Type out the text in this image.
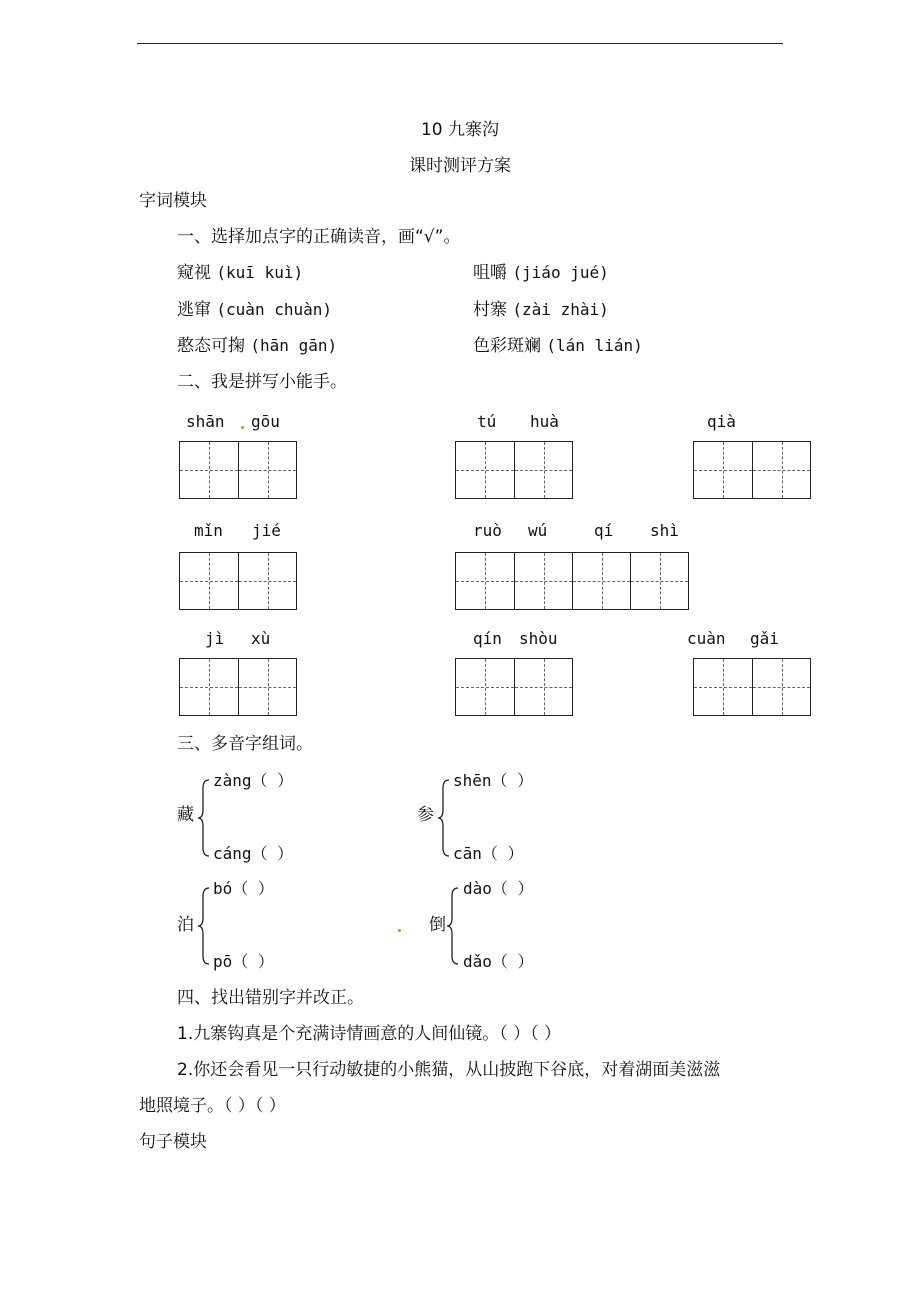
10 九寨沟
课时测评方案
字词模块
一、选择加点字的正确读音，画“√”。
窥视 (kuī kuì)	咀嚼 (jiáo jué)
逃窜 (cuàn chuàn)	村寨 (zài zhài)
憨态可掬 (hān gān)	色彩斑斓 (lán lián)
二、我是拼写小能手。
shān gōu	tú huà	qià
mǐn jié	ruò wú	qí shì
jì xù	qín shòu	cuàn gǎi
三、多音字组词。
藏
zàng（ ）
cáng（ ）
参
shēn（ ）
cān（ ）
泊
bó（ ）
pō（ ）
倒
dào（ ）
dǎo（ ）
四、找出错别字并改正。
1.九寨钩真是个充满诗情画意的人间仙镜。（ ）（ ）
2.你还会看见一只行动敏捷的小熊猫，从山披跑下谷底，对着湖面美滋滋
地照境子。（ ）（ ）
句子模块
